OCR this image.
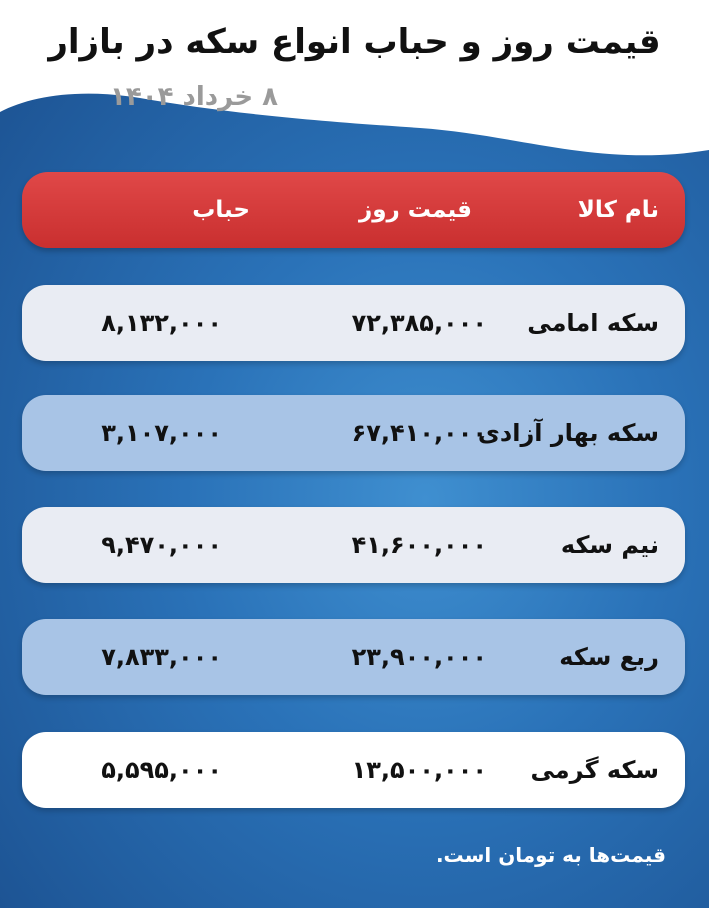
قیمت روز و حباب انواع سکه در بازار
۸ خرداد ۱۴۰۴
نام کالا
قیمت روز
حباب
سکه امامی
۷۲,۳۸۵,۰۰۰
۸,۱۳۲,۰۰۰
سکه بهار آزادی
۶۷,۴۱۰,۰۰۰
۳,۱۰۷,۰۰۰
نیم سکه
۴۱,۶۰۰,۰۰۰
۹,۴۷۰,۰۰۰
ربع سکه
۲۳,۹۰۰,۰۰۰
۷,۸۳۳,۰۰۰
سکه گرمی
۱۳,۵۰۰,۰۰۰
۵,۵۹۵,۰۰۰
قیمت‌ها به تومان است.
